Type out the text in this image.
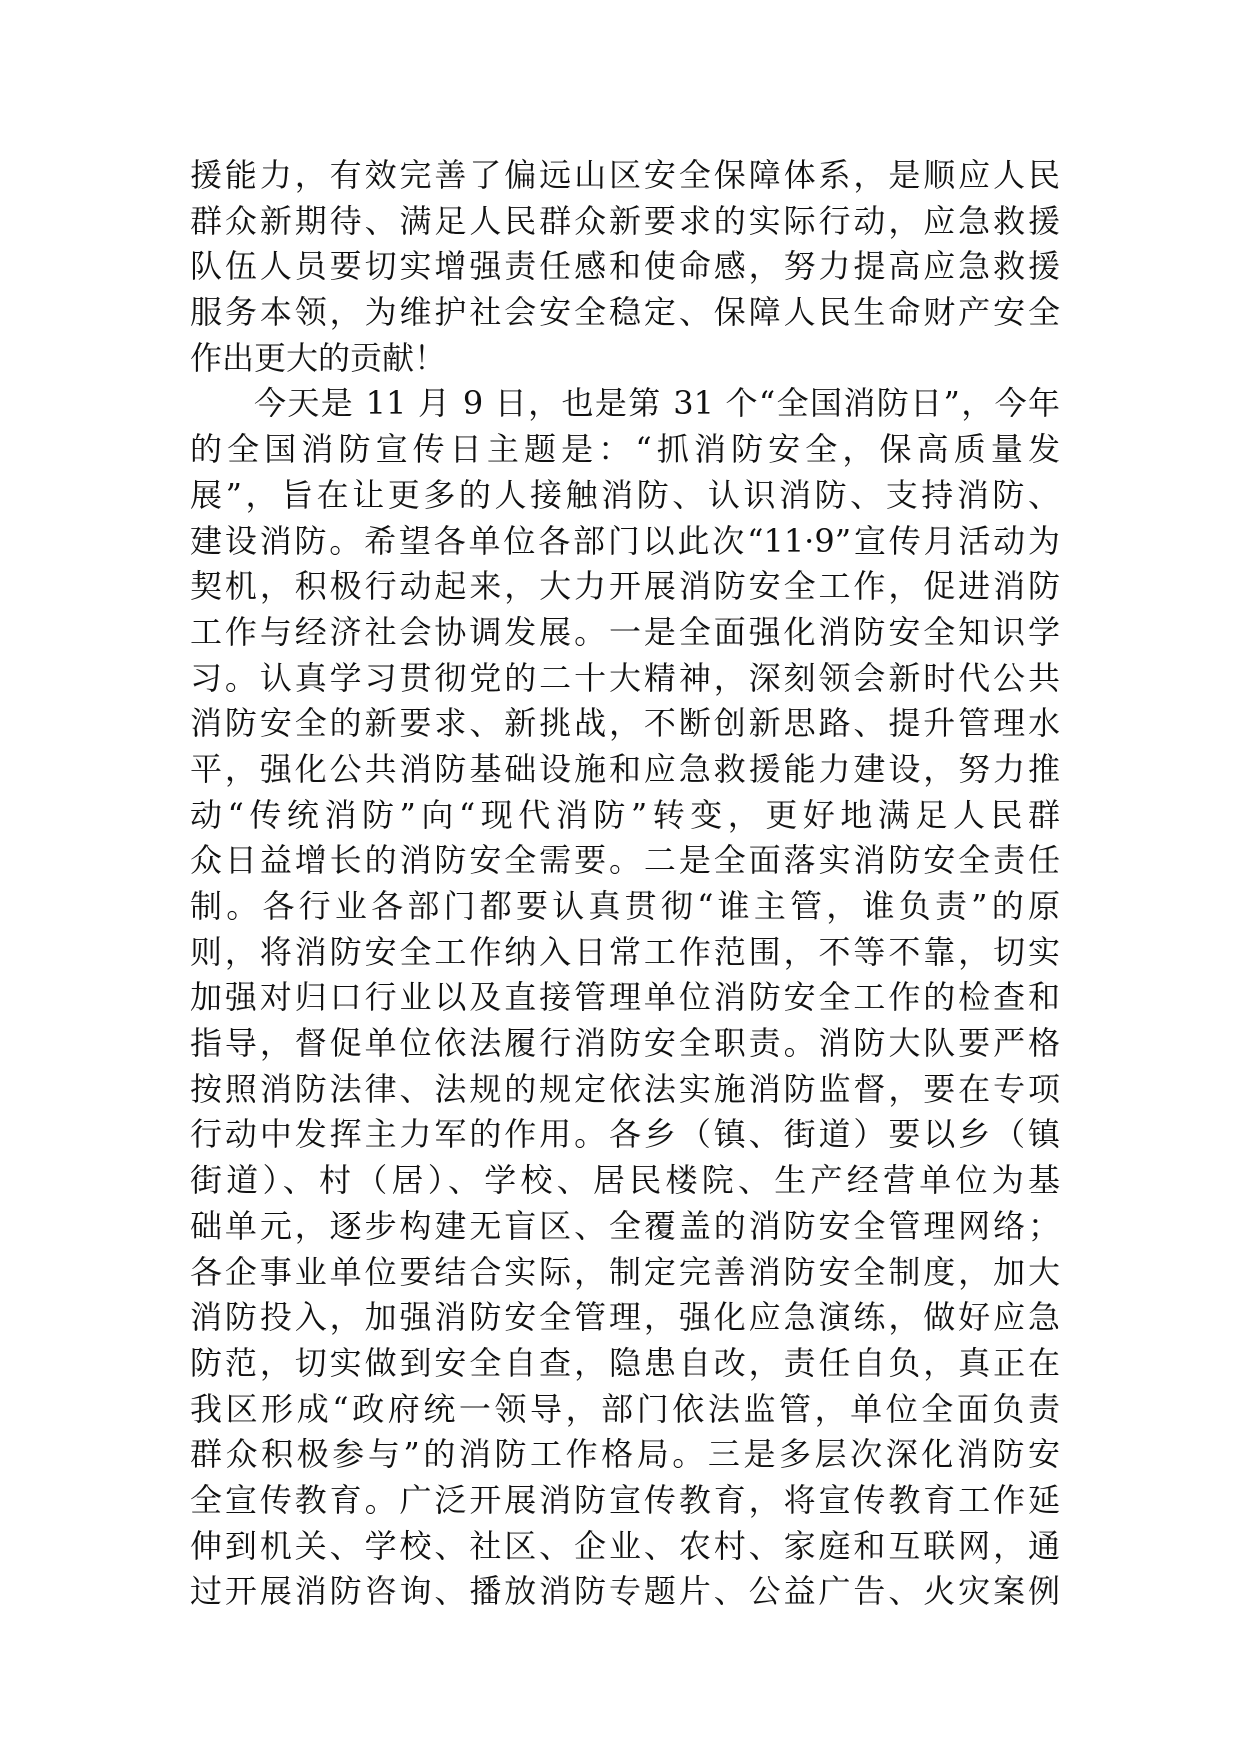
援能力，有效完善了偏远山区安全保障体系，是顺应人民
群众新期待、满足人民群众新要求的实际行动，应急救援
队伍人员要切实增强责任感和使命感，努力提高应急救援
服务本领，为维护社会安全稳定、保障人民生命财产安全
作出更大的贡献！
今天是 11 月 9 日，也是第 31 个“全国消防日”，今年
的全国消防宣传日主题是：“抓消防安全，保高质量发
展”，旨在让更多的人接触消防、认识消防、支持消防、
建设消防。希望各单位各部门以此次“11·9”宣传月活动为
契机，积极行动起来，大力开展消防安全工作，促进消防
工作与经济社会协调发展。一是全面强化消防安全知识学
习。认真学习贯彻党的二十大精神，深刻领会新时代公共
消防安全的新要求、新挑战，不断创新思路、提升管理水
平，强化公共消防基础设施和应急救援能力建设，努力推
动“传统消防”向“现代消防”转变，更好地满足人民群
众日益增长的消防安全需要。二是全面落实消防安全责任
制。各行业各部门都要认真贯彻“谁主管，谁负责”的原
则，将消防安全工作纳入日常工作范围，不等不靠，切实
加强对归口行业以及直接管理单位消防安全工作的检查和
指导，督促单位依法履行消防安全职责。消防大队要严格
按照消防法律、法规的规定依法实施消防监督，要在专项
行动中发挥主力军的作用。各乡（镇、街道）要以乡（镇
街道）、村（居）、学校、居民楼院、生产经营单位为基
础单元，逐步构建无盲区、全覆盖的消防安全管理网络；
各企事业单位要结合实际，制定完善消防安全制度，加大
消防投入，加强消防安全管理，强化应急演练，做好应急
防范，切实做到安全自查，隐患自改，责任自负，真正在
我区形成“政府统一领导，部门依法监管，单位全面负责
群众积极参与”的消防工作格局。三是多层次深化消防安
全宣传教育。广泛开展消防宣传教育，将宣传教育工作延
伸到机关、学校、社区、企业、农村、家庭和互联网，通
过开展消防咨询、播放消防专题片、公益广告、火灾案例
